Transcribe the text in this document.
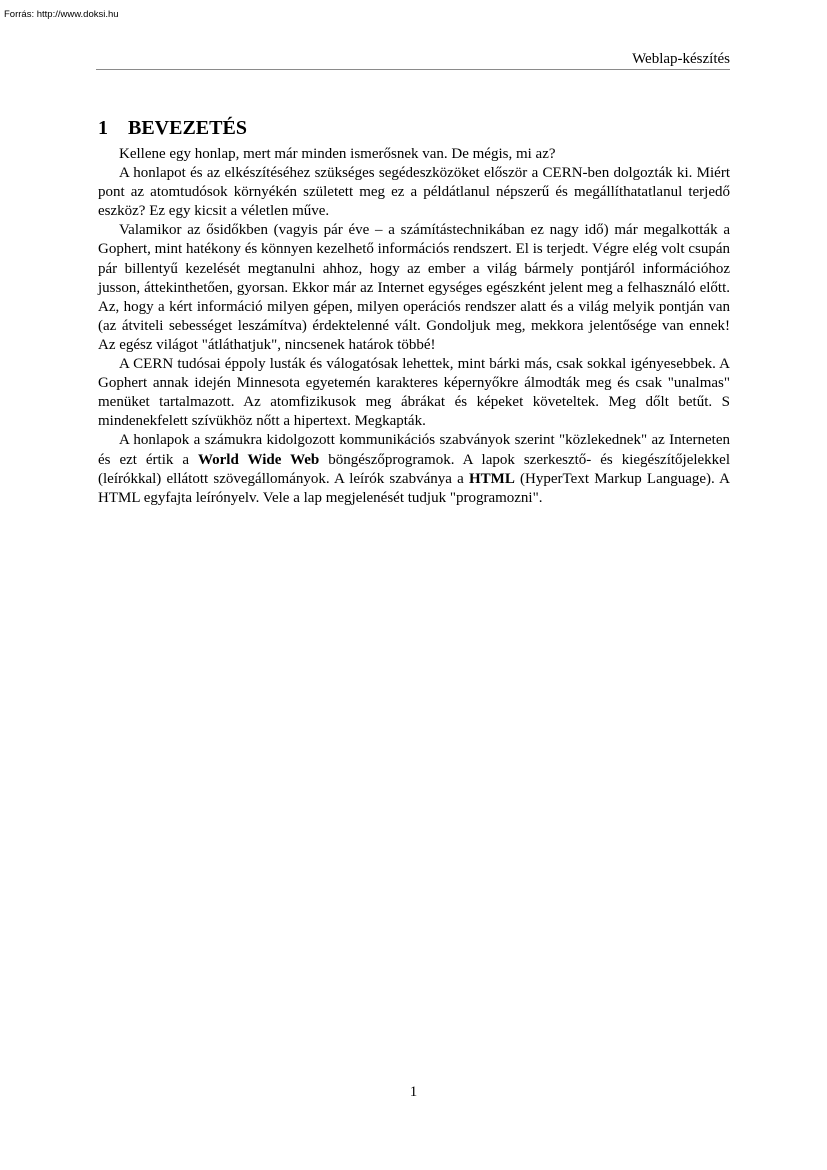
Forrás: http://www.doksi.hu
Weblap-készítés
1 BEVEZETÉS

Kellene egy honlap, mert már minden ismerősnek van. De mégis, mi az?

A honlapot és az elkészítéséhez szükséges segédeszközöket először a CERN-ben dolgozták ki. Miért pont az atomtudósok környékén született meg ez a példátlanul népszerű és megállíthatatlanul terjedő eszköz? Ez egy kicsit a véletlen műve.

Valamikor az ősidőkben (vagyis pár éve – a számítástechnikában ez nagy idő) már megalkották a Gophert, mint hatékony és könnyen kezelhető információs rendszert. El is terjedt. Végre elég volt csupán pár billentyű kezelését megtanulni ahhoz, hogy az ember a világ bármely pontjáról információhoz jusson, áttekinthetően, gyorsan. Ekkor már az Internet egységes egészként jelent meg a felhasználó előtt. Az, hogy a kért információ milyen gépen, milyen operációs rendszer alatt és a világ melyik pontján van (az átviteli sebességet leszámítva) érdektelenné vált. Gondoljuk meg, mekkora jelentősége van ennek! Az egész világot "átláthatjuk", nincsenek határok többé!

A CERN tudósai éppoly lusták és válogatósak lehettek, mint bárki más, csak sokkal igényesebbek. A Gophert annak idején Minnesota egyetemén karakteres képernyőkre álmodták meg és csak "unalmas" menüket tartalmazott. Az atomfizikusok meg ábrákat és képeket követeltek. Meg dőlt betűt. S mindenekfelett szívükhöz nőtt a hipertext. Megkapták.

A honlapok a számukra kidolgozott kommunikációs szabványok szerint "közlekednek" az Interneten és ezt értik a World Wide Web böngészőprogramok. A lapok szerkesztő- és kiegészítőjelekkel (leírókkal) ellátott szövegállományok. A leírók szabványa a HTML (HyperText Markup Language). A HTML egyfajta leírónyelv. Vele a lap megjelenését tudjuk "programozni".

1
